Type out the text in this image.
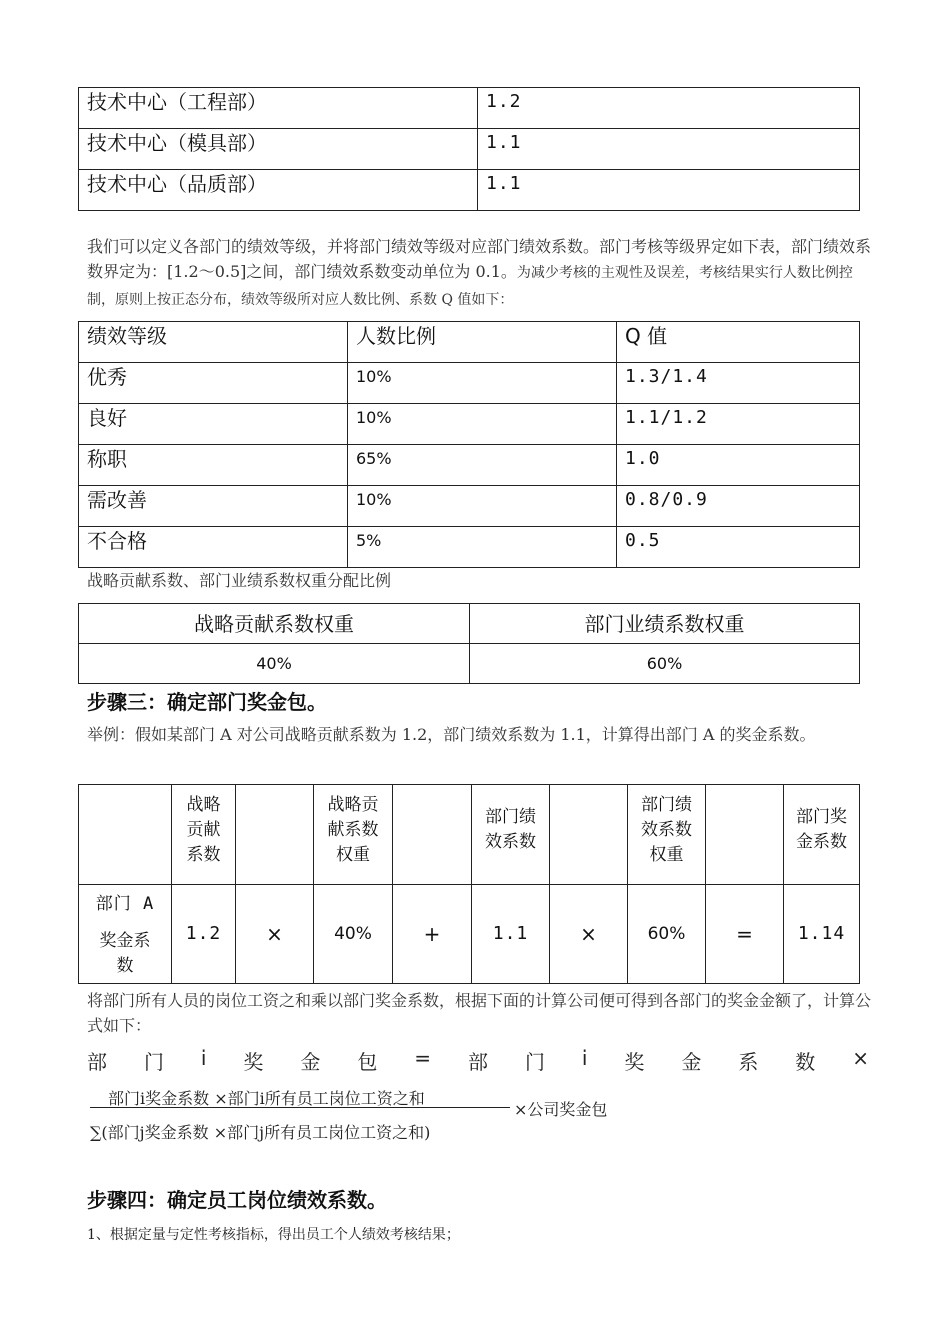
技术中心（工程部）	1.2
技术中心（模具部）	1.1
技术中心（品质部）	1.1
我们可以定义各部门的绩效等级，并将部门绩效等级对应部门绩效系数。部门考核等级界定如下表，部门绩效系数界定为：[1.2～0.5]之间，部门绩效系数变动单位为 0.1。为减少考核的主观性及误差，考核结果实行人数比例控制，原则上按正态分布，绩效等级所对应人数比例、系数 Q 值如下：
绩效等级	人数比例	Q 值
优秀	10%	1.3/1.4
良好	10%	1.1/1.2
称职	65%	1.0
需改善	10%	0.8/0.9
不合格	5%	0.5
战略贡献系数、部门业绩系数权重分配比例
战略贡献系数权重	部门业绩系数权重
40%	60%
步骤三：确定部门奖金包。
举例：假如某部门 A 对公司战略贡献系数为 1.2，部门绩效系数为 1.1，计算得出部门 A 的奖金系数。

	战略贡献系数		战略贡献系数权重		部门绩效系数		部门绩效系数权重		部门奖金系数

部门 A
奖金系数	1.2	×	40%	+	1.1	×	60%	=	1.14
将部门所有人员的岗位工资之和乘以部门奖金系数，根据下面的计算公司便可得到各部门的奖金金额了，计算公式如下：
部 门 i 奖 金 包 = 部 门 i 奖 金 系 数 ×
部门i奖金系数 ×部门i所有员工岗位工资之和
×公司奖金包
∑(部门j奖金系数 ×部门j所有员工岗位工资之和)
步骤四：确定员工岗位绩效系数。
1、根据定量与定性考核指标，得出员工个人绩效考核结果；
